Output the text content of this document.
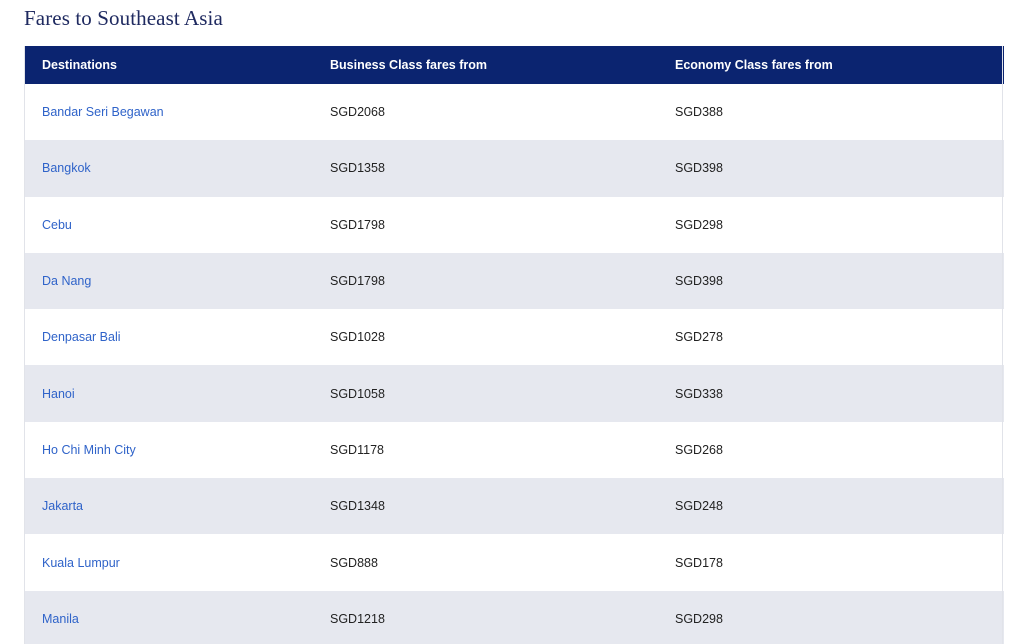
Fares to Southeast Asia
Destinations	Business Class fares from	Economy Class fares from
Bandar Seri Begawan	SGD2068	SGD388
Bangkok	SGD1358	SGD398
Cebu	SGD1798	SGD298
Da Nang	SGD1798	SGD398
Denpasar Bali	SGD1028	SGD278
Hanoi	SGD1058	SGD338
Ho Chi Minh City	SGD1178	SGD268
Jakarta	SGD1348	SGD248
Kuala Lumpur	SGD888	SGD178
Manila	SGD1218	SGD298
